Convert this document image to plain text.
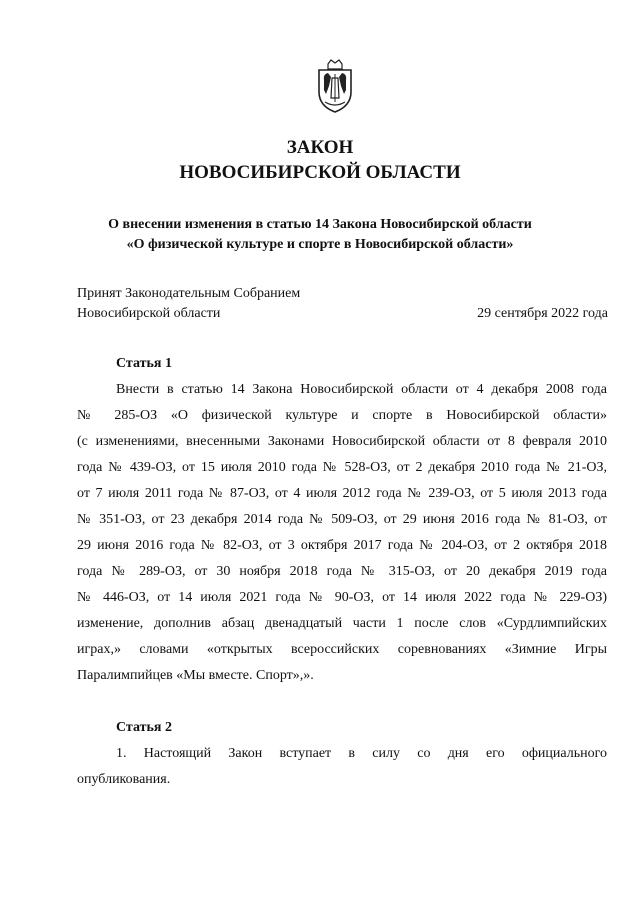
ЗАКОН
НОВОСИБИРСКОЙ ОБЛАСТИ
О внесении изменения в статью 14 Закона Новосибирской области
«О физической культуре и спорте в Новосибирской области»
Принят Законодательным Собранием
Новосибирской области	29 сентября 2022 года
Статья 1
Внести в статью 14 Закона Новосибирской области от 4 декабря 2008 года
№ 285-ОЗ «О физической культуре и спорте в Новосибирской области»
(с изменениями, внесенными Законами Новосибирской области от 8 февраля 2010
года № 439-ОЗ, от 15 июля 2010 года № 528-ОЗ, от 2 декабря 2010 года № 21-ОЗ,
от 7 июля 2011 года № 87-ОЗ, от 4 июля 2012 года № 239-ОЗ, от 5 июля 2013 года
№ 351-ОЗ, от 23 декабря 2014 года № 509-ОЗ, от 29 июня 2016 года № 81-ОЗ, от
29 июня 2016 года № 82-ОЗ, от 3 октября 2017 года № 204-ОЗ, от 2 октября 2018
года № 289-ОЗ, от 30 ноября 2018 года № 315-ОЗ, от 20 декабря 2019 года
№ 446-ОЗ, от 14 июля 2021 года № 90-ОЗ, от 14 июля 2022 года № 229-ОЗ)
изменение, дополнив абзац двенадцатый части 1 после слов «Сурдлимпийских
играх,» словами «открытых всероссийских соревнованиях «Зимние Игры
Паралимпийцев «Мы вместе. Спорт»,».
Статья 2
1. Настоящий Закон вступает в силу со дня его официального
опубликования.
